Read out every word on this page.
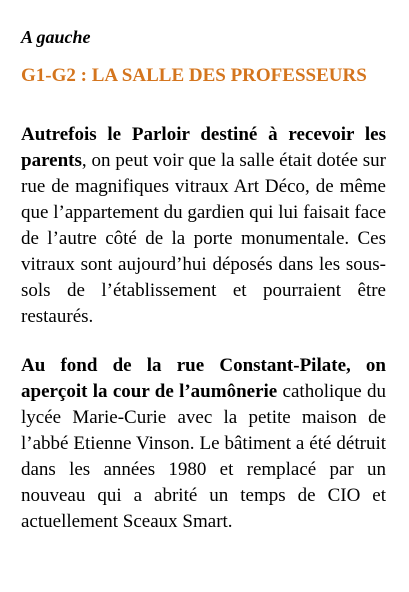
A gauche
G1-G2 : LA SALLE DES PROFESSEURS

Autrefois le Parloir destiné à recevoir les parents, on peut voir que la salle était dotée sur rue de magnifiques vitraux Art Déco, de même que l’appartement du gardien qui lui faisait face de l’autre côté de la porte monumentale. Ces vitraux sont aujourd’hui déposés dans les sous-sols de l’établissement et pourraient être restaurés.

Au fond de la rue Constant-Pilate, on aperçoit la cour de l’aumônerie catholique du lycée Marie-Curie avec la petite maison de l’abbé Etienne Vinson. Le bâtiment a été détruit dans les années 1980 et remplacé par un nouveau qui a abrité un temps de CIO et actuellement Sceaux Smart.
